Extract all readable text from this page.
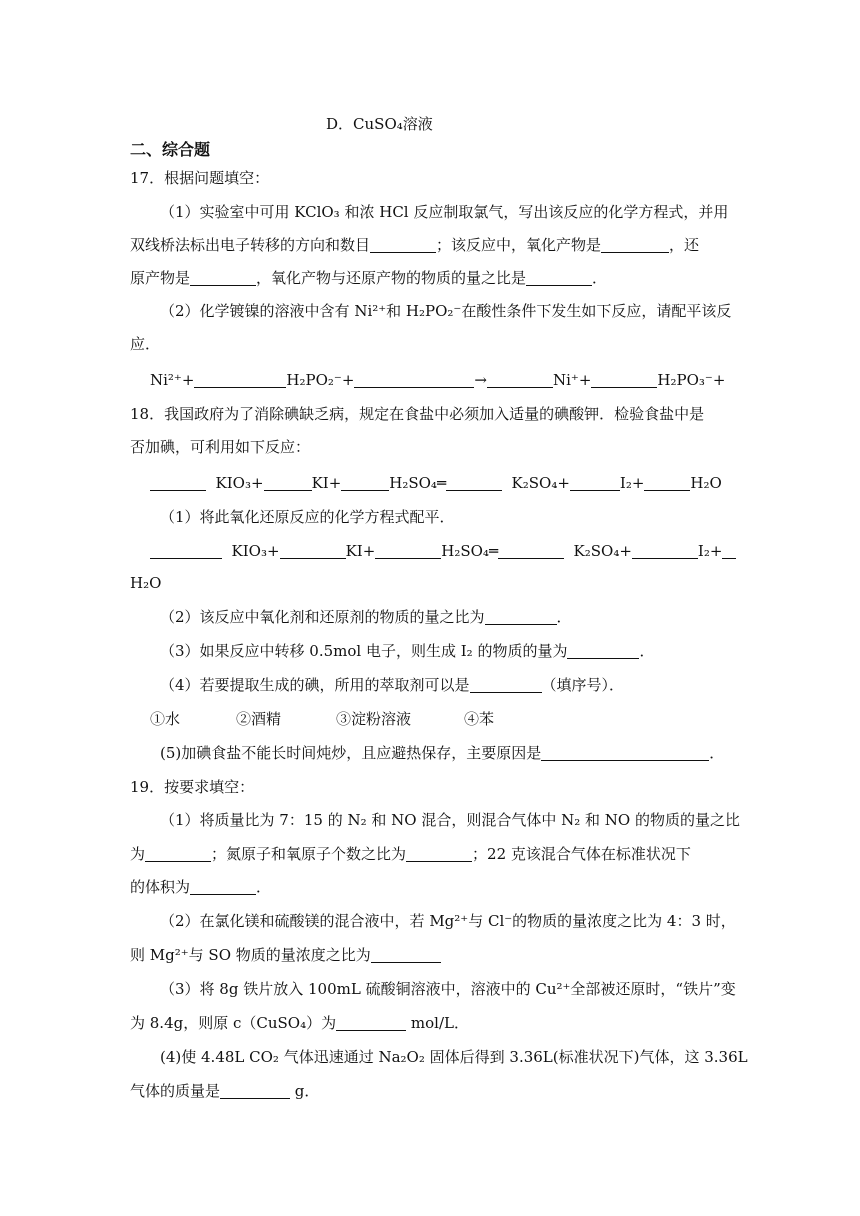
D．CuSO₄溶液
二、综合题
17．根据问题填空：
（1）实验室中可用 KClO₃ 和浓 HCl 反应制取氯气，写出该反应的化学方程式，并用
双线桥法标出电子转移的方向和数目	；该反应中，氧化产物是	，还
原产物是	，氧化产物与还原产物的物质的量之比是	．
（2）化学镀镍的溶液中含有 Ni²⁺和 H₂PO₂⁻在酸性条件下发生如下反应，请配平该反
应．
Ni²⁺+	H₂PO₂⁻+	→	Ni⁺+	H₂PO₃⁻+
18．我国政府为了消除碘缺乏病，规定在食盐中必须加入适量的碘酸钾．检验食盐中是
否加碘，可利用如下反应：
KIO₃+	KI+	H₂SO₄═	K₂SO₄+	I₂+	H₂O
（1）将此氧化还原反应的化学方程式配平．
KIO₃+	KI+	H₂SO₄═	K₂SO₄+	I₂+
H₂O
（2）该反应中氧化剂和还原剂的物质的量之比为	．
（3）如果反应中转移 0.5mol 电子，则生成 I₂ 的物质的量为	．
（4）若要提取生成的碘，所用的萃取剂可以是	（填序号）．
①水	②酒精	③淀粉溶液	④苯
(5)加碘食盐不能长时间炖炒，且应避热保存，主要原因是	．
19．按要求填空：
（1）将质量比为 7：15 的 N₂ 和 NO 混合，则混合气体中 N₂ 和 NO 的物质的量之比
为	；氮原子和氧原子个数之比为	；22 克该混合气体在标准状况下
的体积为	．
（2）在氯化镁和硫酸镁的混合液中，若 Mg²⁺与 Cl⁻的物质的量浓度之比为 4：3 时，
则 Mg²⁺与 SO 物质的量浓度之比为
（3）将 8g 铁片放入 100mL 硫酸铜溶液中，溶液中的 Cu²⁺全部被还原时，“铁片”变
为 8.4g，则原 c（CuSO₄）为	mol/L．
(4)使 4.48L CO₂ 气体迅速通过 Na₂O₂ 固体后得到 3.36L(标准状况下)气体，这 3.36L
气体的质量是	g．
